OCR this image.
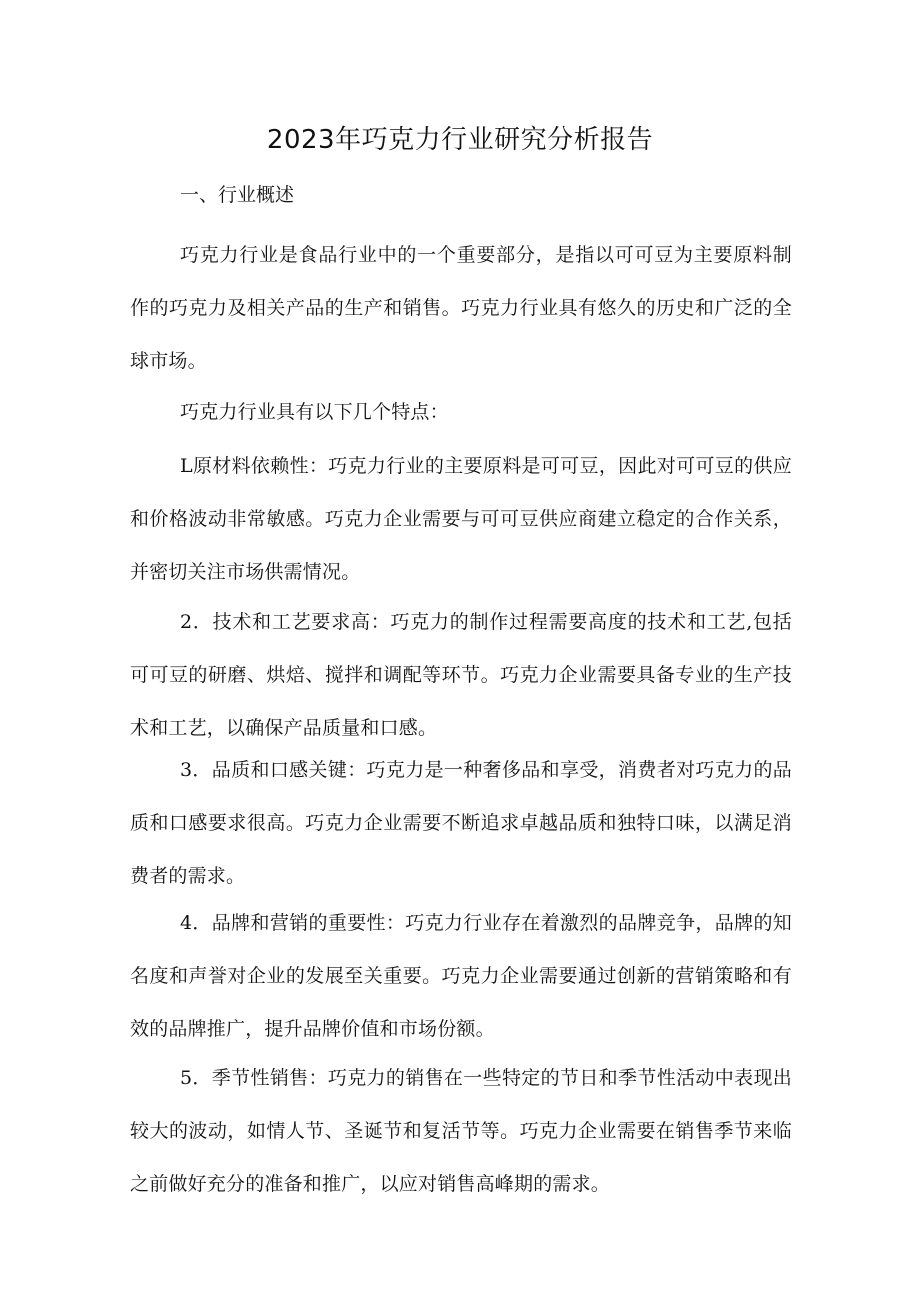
2023年巧克力行业研究分析报告
一、行业概述

巧克力行业是食品行业中的一个重要部分，是指以可可豆为主要原料制作的巧克力及相关产品的生产和销售。巧克力行业具有悠久的历史和广泛的全球市场。

巧克力行业具有以下几个特点：

L原材料依赖性：巧克力行业的主要原料是可可豆，因此对可可豆的供应和价格波动非常敏感。巧克力企业需要与可可豆供应商建立稳定的合作关系，并密切关注市场供需情况。

2．技术和工艺要求高：巧克力的制作过程需要高度的技术和工艺,包括可可豆的研磨、烘焙、搅拌和调配等环节。巧克力企业需要具备专业的生产技术和工艺，以确保产品质量和口感。

3．品质和口感关键：巧克力是一种奢侈品和享受，消费者对巧克力的品质和口感要求很高。巧克力企业需要不断追求卓越品质和独特口味，以满足消费者的需求。

4．品牌和营销的重要性：巧克力行业存在着激烈的品牌竞争，品牌的知名度和声誉对企业的发展至关重要。巧克力企业需要通过创新的营销策略和有效的品牌推广，提升品牌价值和市场份额。

5．季节性销售：巧克力的销售在一些特定的节日和季节性活动中表现出较大的波动，如情人节、圣诞节和复活节等。巧克力企业需要在销售季节来临之前做好充分的准备和推广，以应对销售高峰期的需求。
